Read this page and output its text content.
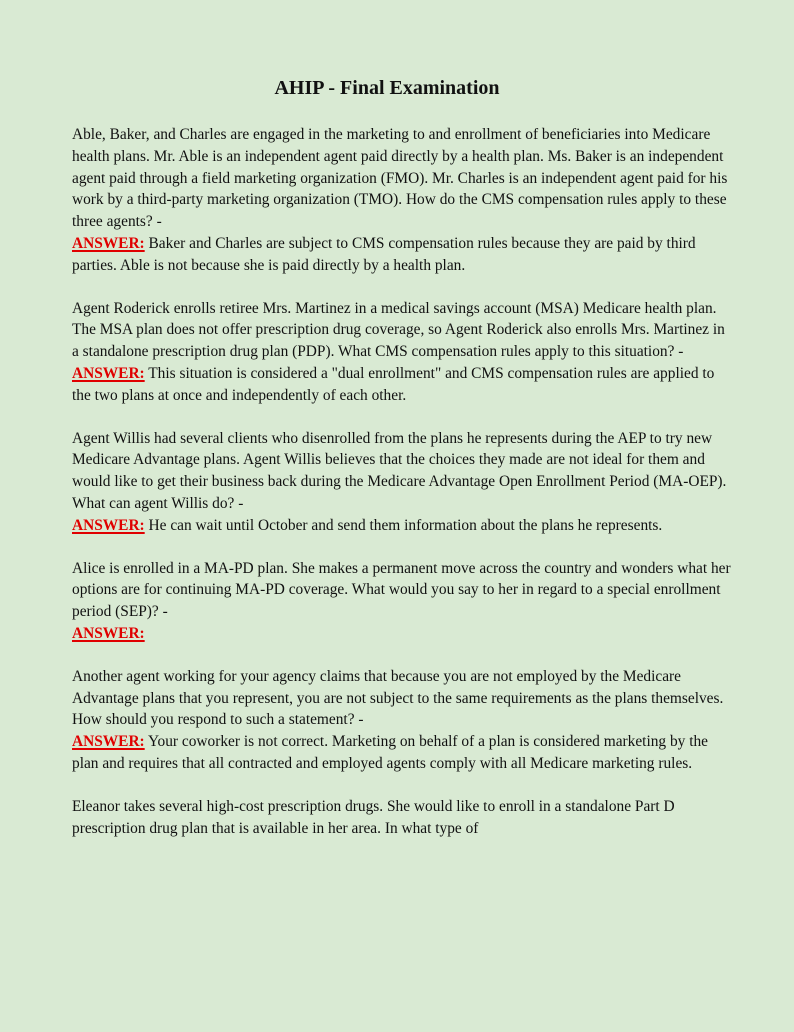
AHIP - Final Examination
Able, Baker, and Charles are engaged in the marketing to and enrollment of beneficiaries into Medicare health plans. Mr. Able is an independent agent paid directly by a health plan. Ms. Baker is an independent agent paid through a field marketing organization (FMO). Mr. Charles is an independent agent paid for his work by a third-party marketing organization (TMO). How do the CMS compensation rules apply to these three agents? -
ANSWER: Baker and Charles are subject to CMS compensation rules because they are paid by third parties. Able is not because she is paid directly by a health plan.
Agent Roderick enrolls retiree Mrs. Martinez in a medical savings account (MSA) Medicare health plan. The MSA plan does not offer prescription drug coverage, so Agent Roderick also enrolls Mrs. Martinez in a standalone prescription drug plan (PDP). What CMS compensation rules apply to this situation? -
ANSWER: This situation is considered a "dual enrollment" and CMS compensation rules are applied to the two plans at once and independently of each other.
Agent Willis had several clients who disenrolled from the plans he represents during the AEP to try new Medicare Advantage plans. Agent Willis believes that the choices they made are not ideal for them and would like to get their business back during the Medicare Advantage Open Enrollment Period (MA-OEP). What can agent Willis do? -
ANSWER: He can wait until October and send them information about the plans he represents.
Alice is enrolled in a MA-PD plan. She makes a permanent move across the country and wonders what her options are for continuing MA-PD coverage. What would you say to her in regard to a special enrollment period (SEP)? -
ANSWER:
Another agent working for your agency claims that because you are not employed by the Medicare Advantage plans that you represent, you are not subject to the same requirements as the plans themselves. How should you respond to such a statement? -
ANSWER: Your coworker is not correct. Marketing on behalf of a plan is considered marketing by the plan and requires that all contracted and employed agents comply with all Medicare marketing rules.
Eleanor takes several high-cost prescription drugs. She would like to enroll in a standalone Part D prescription drug plan that is available in her area. In what type of
